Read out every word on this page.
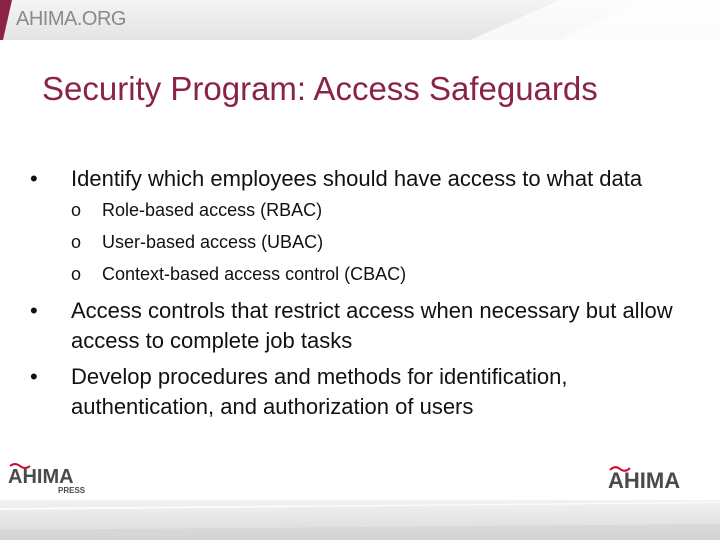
AHIMA.ORG
Security Program: Access Safeguards
•	Identify which employees should have access to what data
o	Role-based access (RBAC)
o	User-based access (UBAC)
o	Context-based access control (CBAC)
•	Access controls that restrict access when necessary but allow access to complete job tasks
•	Develop procedures and methods for identification, authentication, and authorization of users
AHIMA
PRESS	AHIMA
